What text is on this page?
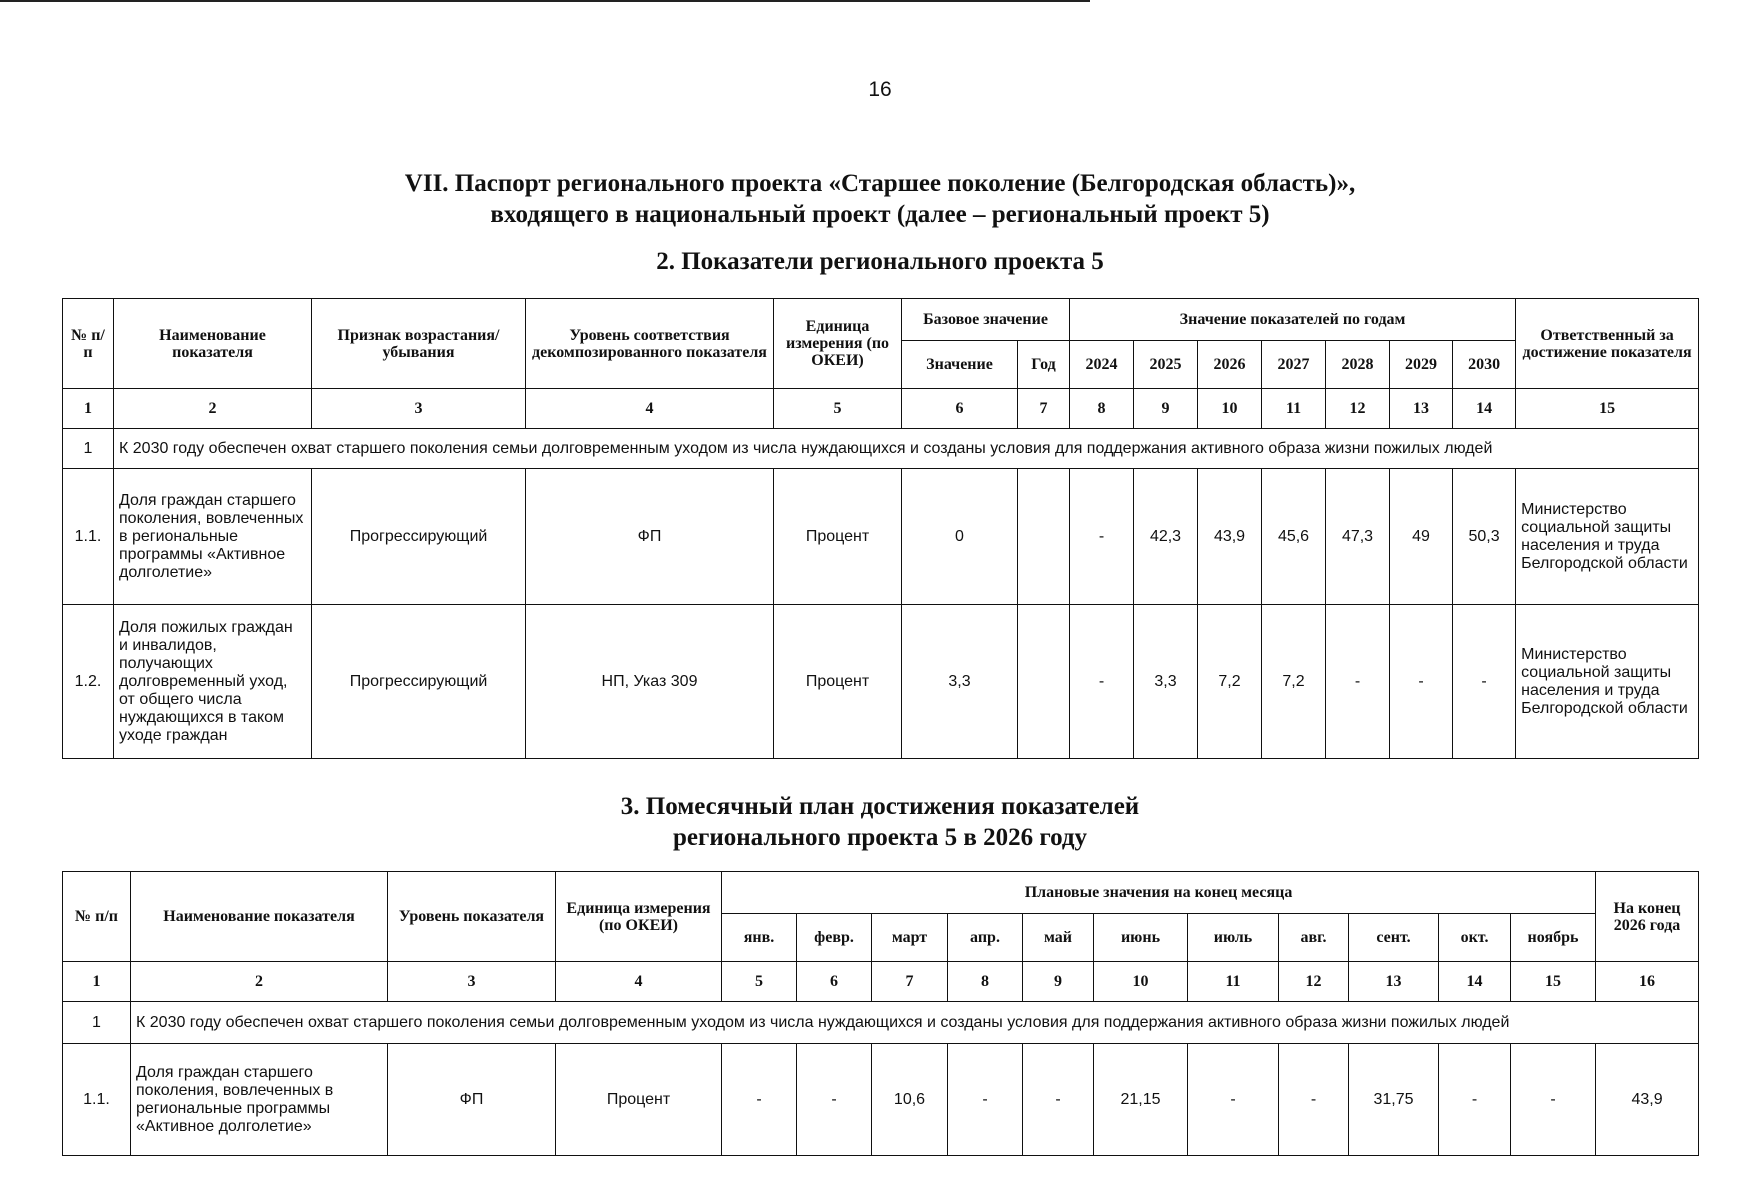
16
VII. Паспорт регионального проекта «Старшее поколение (Белгородская область)»,
входящего в национальный проект (далее – региональный проект 5)
2. Показатели регионального проекта 5
№ п/п	Наименование показателя	Признак возрастания/убывания	Уровень соответствия декомпозированного показателя	Единица измерения (по ОКЕИ)	Базовое значение		Значение показателей по годам							Ответственный за достижение показателя
					Значение	Год	2024	2025	2026	2027	2028	2029	2030	
1	2	3	4	5	6	7	8	9	10	11	12	13	14	15
1	К 2030 году обеспечен охват старшего поколения семьи долговременным уходом из числа нуждающихся и созданы условия для поддержания активного образа жизни пожилых людей													
1.1.	Доля граждан старшего поколения, вовлеченных в региональные программы «Активное долголетие»	Прогрессирующий	ФП	Процент	0		-	42,3	43,9	45,6	47,3	49	50,3	Министерство социальной защиты населения и труда Белгородской области
1.2.	Доля пожилых граждан и инвалидов, получающих долговременный уход, от общего числа нуждающихся в таком уходе граждан	Прогрессирующий	НП, Указ 309	Процент	3,3		-	3,3	7,2	7,2	-	-	-	Министерство социальной защиты населения и труда Белгородской области
3. Помесячный план достижения показателей
регионального проекта 5 в 2026 году
№ п/п	Наименование показателя	Уровень показателя	Единица измерения (по ОКЕИ)	Плановые значения на конец месяца											На конец 2026 года
				янв.	февр.	март	апр.	май	июнь	июль	авг.	сент.	окт.	ноябрь	
1	2	3	4	5	6	7	8	9	10	11	12	13	14	15	16
1	К 2030 году обеспечен охват старшего поколения семьи долговременным уходом из числа нуждающихся и созданы условия для поддержания активного образа жизни пожилых людей														
1.1.	Доля граждан старшего поколения, вовлеченных в региональные программы «Активное долголетие»	ФП	Процент	-	-	10,6	-	-	21,15	-	-	31,75	-	-	43,9
